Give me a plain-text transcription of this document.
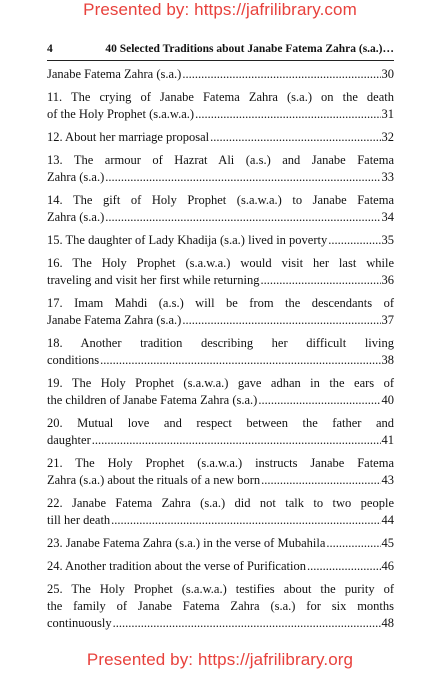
Presented by: https://jafrilibrary.com
4	40 Selected Traditions about Janabe Fatema Zahra (s.a.)…
Janabe Fatema Zahra (s.a.) .....	30
11. The crying of Janabe Fatema Zahra (s.a.) on the death
of the Holy Prophet (s.a.w.a.) .....	31
12. About her marriage proposal .....	32
13. The armour of Hazrat Ali (a.s.) and Janabe Fatema
Zahra (s.a.) .....	33
14. The gift of Holy Prophet (s.a.w.a.) to Janabe Fatema
Zahra (s.a.) .....	34
15. The daughter of Lady Khadija (s.a.) lived in poverty .....	35
16. The Holy Prophet (s.a.w.a.) would visit her last while
traveling and visit her first while returning .....	36
17. Imam Mahdi (a.s.) will be from the descendants of
Janabe Fatema Zahra (s.a.) .....	37
18. Another tradition describing her difficult living
conditions .....	38
19. The Holy Prophet (s.a.w.a.) gave adhan in the ears of
the children of Janabe Fatema Zahra (s.a.) .....	40
20. Mutual love and respect between the father and
daughter .....	41
21. The Holy Prophet (s.a.w.a.) instructs Janabe Fatema
Zahra (s.a.) about the rituals of a new born .....	43
22. Janabe Fatema Zahra (s.a.) did not talk to two people
till her death .....	44
23. Janabe Fatema Zahra (s.a.) in the verse of Mubahila .....	45
24. Another tradition about the verse of Purification .....	46
25. The Holy Prophet (s.a.w.a.) testifies about the purity of
the family of Janabe Fatema Zahra (s.a.) for six months
continuously .....	48
Presented by: https://jafrilibrary.org
